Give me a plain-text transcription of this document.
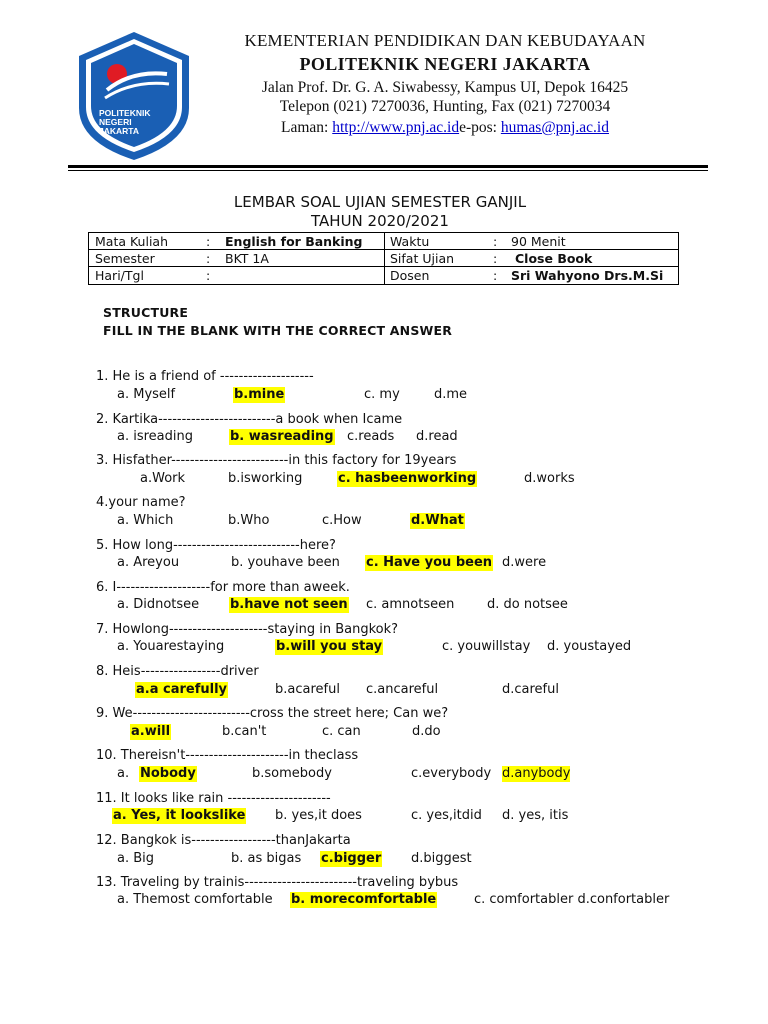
POLITEKNIK
NEGERI
JAKARTA
KEMENTERIAN PENDIDIKAN DAN KEBUDAYAAN
POLITEKNIK NEGERI JAKARTA
Jalan Prof. Dr. G. A. Siwabessy, Kampus UI, Depok 16425
Telepon (021) 7270036, Hunting, Fax (021) 7270034
Laman: http://www.pnj.ac.ide-pos: humas@pnj.ac.id
LEMBAR SOAL UJIAN SEMESTER GANJIL
TAHUN 2020/2021
Mata Kuliah	: English for Banking Waktu	: 90 Menit
Semester	: BKT 1A	Sifat Ujian	: Close Book
Hari/Tgl	:	Dosen	: Sri Wahyono Drs.M.Si
STRUCTURE
FILL IN THE BLANK WITH THE CORRECT ANSWER
1. He is a friend of --------------------
a. Myself	b.mine	c. my	d.me
2. Kartika-------------------------a book when Icame
a. isreading	b. wasreading c.reads d.read
3. Hisfather-------------------------in this factory for 19years
a.Work	b.isworking	c. hasbeenworking	d.works
4.your name?
a. Which	b.Who	c.How	d.What
5. How long---------------------------here?
a. Areyou	b. youhave been c. Have you been d.were
6. I--------------------for more than aweek.
a. Didnotsee b.have not seen c. amnotseen	d. do notsee
7. Howlong---------------------staying in Bangkok?
a. Youarestaying	b.will you stay	c. youwillstay d. youstayed
8. Heis-----------------driver
a.a carefully	b.acareful c.ancareful	d.careful
9. We-------------------------cross the street here; Can we?
a.will	b.can't	c. can	d.do
10. Thereisn't----------------------in theclass
a. Nobody	b.somebody	c.everybody d.anybody
11. It looks like rain ----------------------
a. Yes, it lookslike b. yes,it does	c. yes,itdid d. yes, itis
12. Bangkok is------------------thanJakarta
a. Big	b. as bigas c.bigger d.biggest
13. Traveling by trainis------------------------traveling bybus
a. Themost comfortable b. morecomfortable	c. comfortabler d.confortabler
